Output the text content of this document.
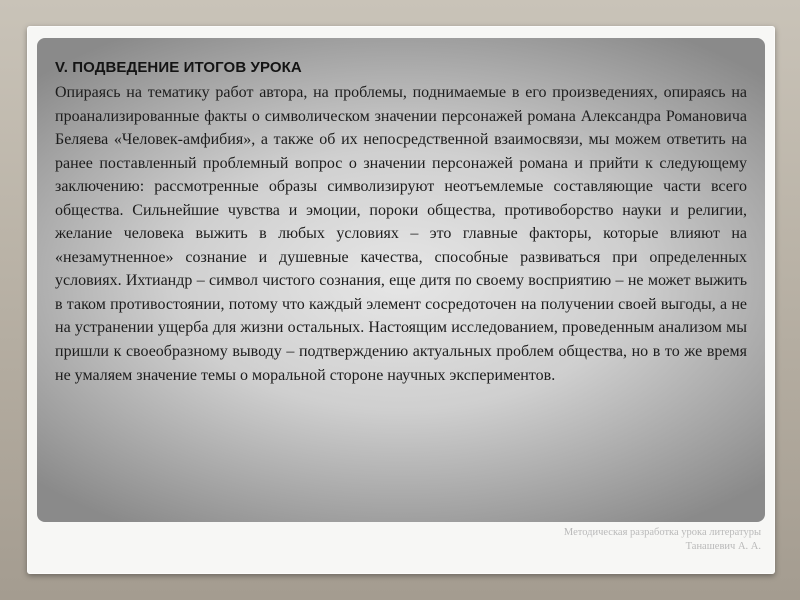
V. ПОДВЕДЕНИЕ ИТОГОВ УРОКА

Опираясь на тематику работ автора, на проблемы, поднимаемые в его произведениях, опираясь на проанализированные факты о символическом значении персонажей романа Александра Романовича Беляева «Человек-амфибия», а также об их непосредственной взаимосвязи, мы можем ответить на ранее поставленный проблемный вопрос о значении персонажей романа и прийти к следующему заключению: рассмотренные образы символизируют неотъемлемые составляющие части всего общества. Сильнейшие чувства и эмоции, пороки общества, противоборство науки и религии, желание человека выжить в любых условиях – это главные факторы, которые влияют на «незамутненное» сознание и душевные качества, способные развиваться при определенных условиях. Ихтиандр – символ чистого сознания, еще дитя по своему восприятию – не может выжить в таком противостоянии, потому что каждый элемент сосредоточен на получении своей выгоды, а не на устранении ущерба для жизни остальных. Настоящим исследованием, проведенным анализом мы пришли к своеобразному выводу – подтверждению актуальных проблем общества, но в то же время не умаляем значение темы о моральной стороне научных экспериментов.

Методическая разработка урока литературы
Танашевич А. А.
